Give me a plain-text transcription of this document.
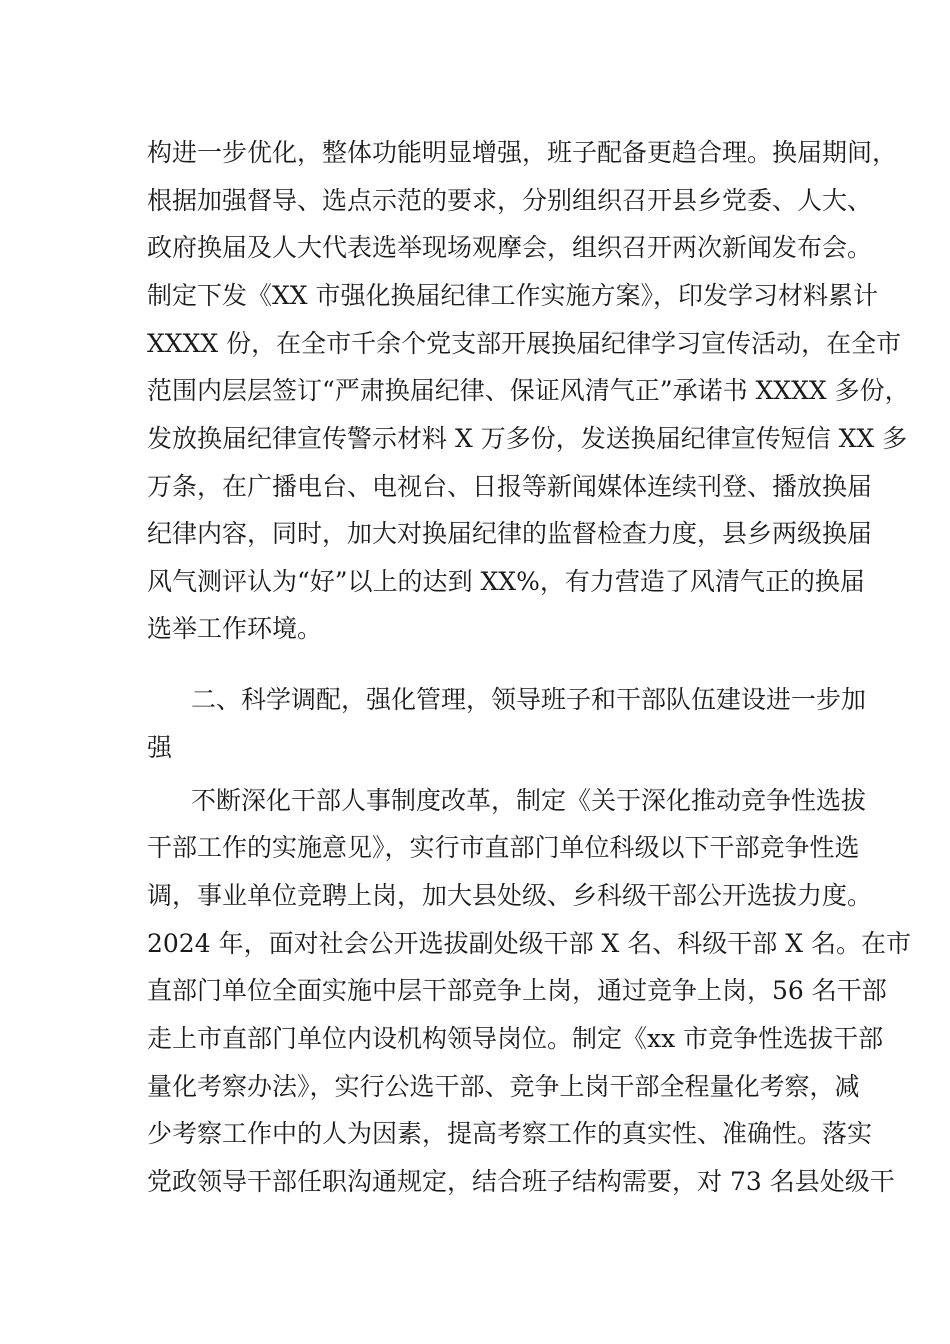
构进一步优化，整体功能明显增强，班子配备更趋合理。换届期间，
根据加强督导、选点示范的要求，分别组织召开县乡党委、人大、
政府换届及人大代表选举现场观摩会，组织召开两次新闻发布会。
制定下发《XX 市强化换届纪律工作实施方案》，印发学习材料累计
XXXX 份，在全市千余个党支部开展换届纪律学习宣传活动，在全市
范围内层层签订“严肃换届纪律、保证风清气正”承诺书 XXXX 多份，
发放换届纪律宣传警示材料 X 万多份，发送换届纪律宣传短信 XX 多
万条，在广播电台、电视台、日报等新闻媒体连续刊登、播放换届
纪律内容，同时，加大对换届纪律的监督检查力度，县乡两级换届
风气测评认为“好”以上的达到 XX%，有力营造了风清气正的换届
选举工作环境。
二、科学调配，强化管理，领导班子和干部队伍建设进一步加
强
不断深化干部人事制度改革，制定《关于深化推动竞争性选拔
干部工作的实施意见》，实行市直部门单位科级以下干部竞争性选
调，事业单位竞聘上岗，加大县处级、乡科级干部公开选拔力度。
2024 年，面对社会公开选拔副处级干部 X 名、科级干部 X 名。在市
直部门单位全面实施中层干部竞争上岗，通过竞争上岗，56 名干部
走上市直部门单位内设机构领导岗位。制定《xx 市竞争性选拔干部
量化考察办法》，实行公选干部、竞争上岗干部全程量化考察，减
少考察工作中的人为因素，提高考察工作的真实性、准确性。落实
党政领导干部任职沟通规定，结合班子结构需要，对 73 名县处级干
